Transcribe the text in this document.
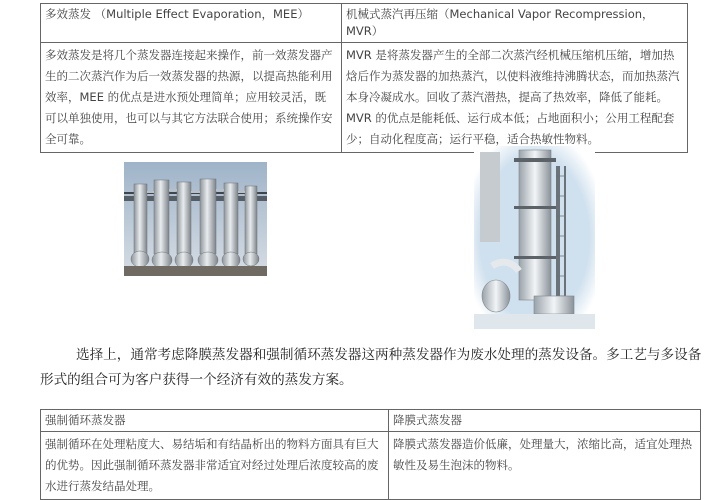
多效蒸发 （Multiple Effect Evaporation，MEE）	机械式蒸汽再压缩（Mechanical Vapor Recompression，MVR）
多效蒸发是将几个蒸发器连接起来操作，前一效蒸发器产生的二次蒸汽作为后一效蒸发器的热源，以提高热能利用效率，MEE 的优点是进水预处理简单；应用较灵活，既可以单独使用，也可以与其它方法联合使用；系统操作安全可靠。	MVR 是将蒸发器产生的全部二次蒸汽经机械压缩机压缩，增加热焓后作为蒸发器的加热蒸汽，以使料液维持沸腾状态，而加热蒸汽本身冷凝成水。回收了蒸汽潜热，提高了热效率，降低了能耗。MVR 的优点是能耗低、运行成本低；占地面积小；公用工程配套少；自动化程度高；运行平稳，适合热敏性物料。

选择上，通常考虑降膜蒸发器和强制循环蒸发器这两种蒸发器作为废水处理的蒸发设备。多工艺与多设备形式的组合可为客户获得一个经济有效的蒸发方案。

强制循环蒸发器	降膜式蒸发器
强制循环在处理粘度大、易结垢和有结晶析出的物料方面具有巨大的优势。因此强制循环蒸发器非常适宜对经过处理后浓度较高的废水进行蒸发结晶处理。	降膜式蒸发器造价低廉，处理量大，浓缩比高，适宜处理热敏性及易生泡沫的物料。
